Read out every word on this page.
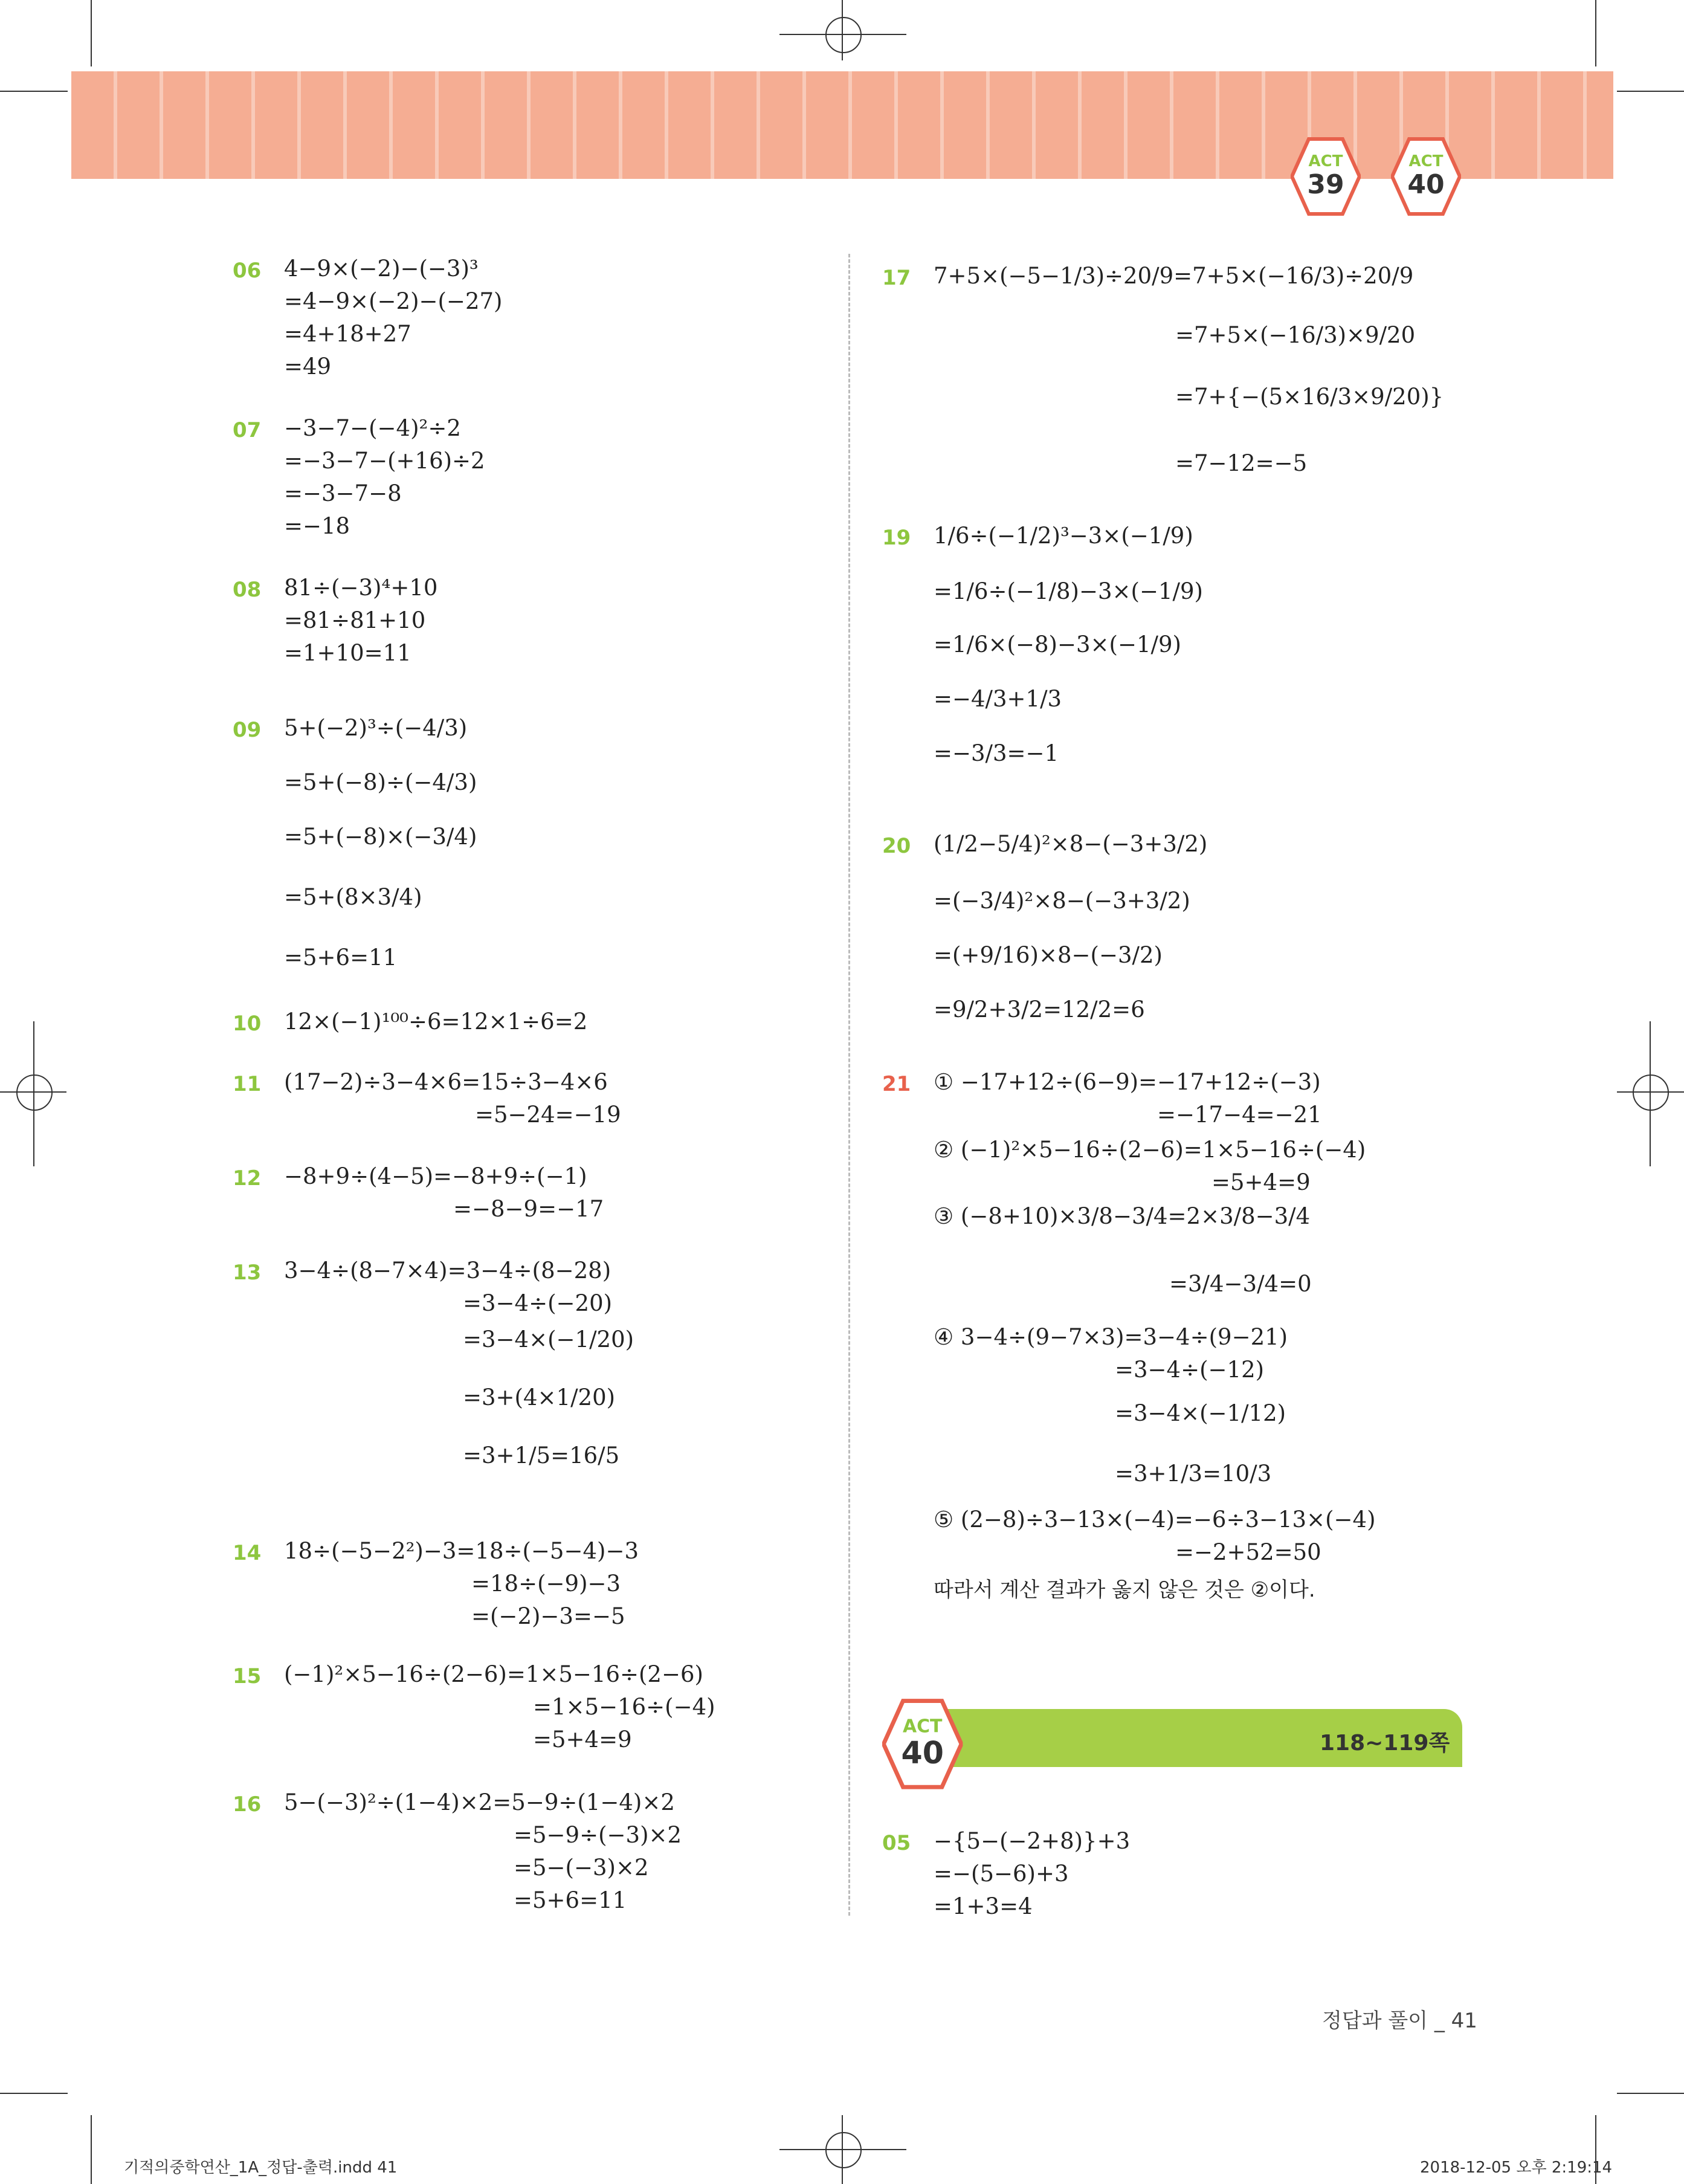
ACT
39
ACT
40
ACT
40	118~119쪽
정답과 풀이 _ 41
기적의중학연산_1A_정답-출력.indd 41	2018-12-05 오후 2:19:14
06 4−9×(−2)−(−3)³
=4−9×(−2)−(−27)
=4+18+27
=49
07 −3−7−(−4)²÷2
=−3−7−(+16)÷2
=−3−7−8
=−18
08 81÷(−3)⁴+10
=81÷81+10
=1+10=11
09 5+(−2)³÷(−4/3)
=5+(−8)÷(−4/3)
=5+(−8)×(−3/4)
=5+(8×3/4)
=5+6=11
10 12×(−1)¹⁰⁰÷6=12×1÷6=2
11 (17−2)÷3−4×6=15÷3−4×6
=5−24=−19
12 −8+9÷(4−5)=−8+9÷(−1)
=−8−9=−17
13 3−4÷(8−7×4)=3−4÷(8−28)
=3−4÷(−20)
=3−4×(−1/20)
=3+(4×1/20)
=3+1/5=16/5
14 18÷(−5−2²)−3=18÷(−5−4)−3
=18÷(−9)−3
=(−2)−3=−5
15 (−1)²×5−16÷(2−6)=1×5−16÷(2−6)
=1×5−16÷(−4)
=5+4=9
16 5−(−3)²÷(1−4)×2=5−9÷(1−4)×2
=5−9÷(−3)×2
=5−(−3)×2
=5+6=11
17 7+5×(−5−1/3)÷20/9=7+5×(−16/3)÷20/9
=7+5×(−16/3)×9/20
=7+{−(5×16/3×9/20)}
=7−12=−5
19 1/6÷(−1/2)³−3×(−1/9)
=1/6÷(−1/8)−3×(−1/9)
=1/6×(−8)−3×(−1/9)
=−4/3+1/3
=−3/3=−1
20 (1/2−5/4)²×8−(−3+3/2)
=(−3/4)²×8−(−3+3/2)
=(+9/16)×8−(−3/2)
=9/2+3/2=12/2=6
21 ① −17+12÷(6−9)=−17+12÷(−3)
=−17−4=−21
② (−1)²×5−16÷(2−6)=1×5−16÷(−4)
=5+4=9
③ (−8+10)×3/8−3/4=2×3/8−3/4
=3/4−3/4=0
④ 3−4÷(9−7×3)=3−4÷(9−21)
=3−4÷(−12)
=3−4×(−1/12)
=3+1/3=10/3
⑤ (2−8)÷3−13×(−4)=−6÷3−13×(−4)
=−2+52=50
따라서 계산 결과가 옳지 않은 것은 ②이다.
05 −{5−(−2+8)}+3
=−(5−6)+3
=1+3=4
